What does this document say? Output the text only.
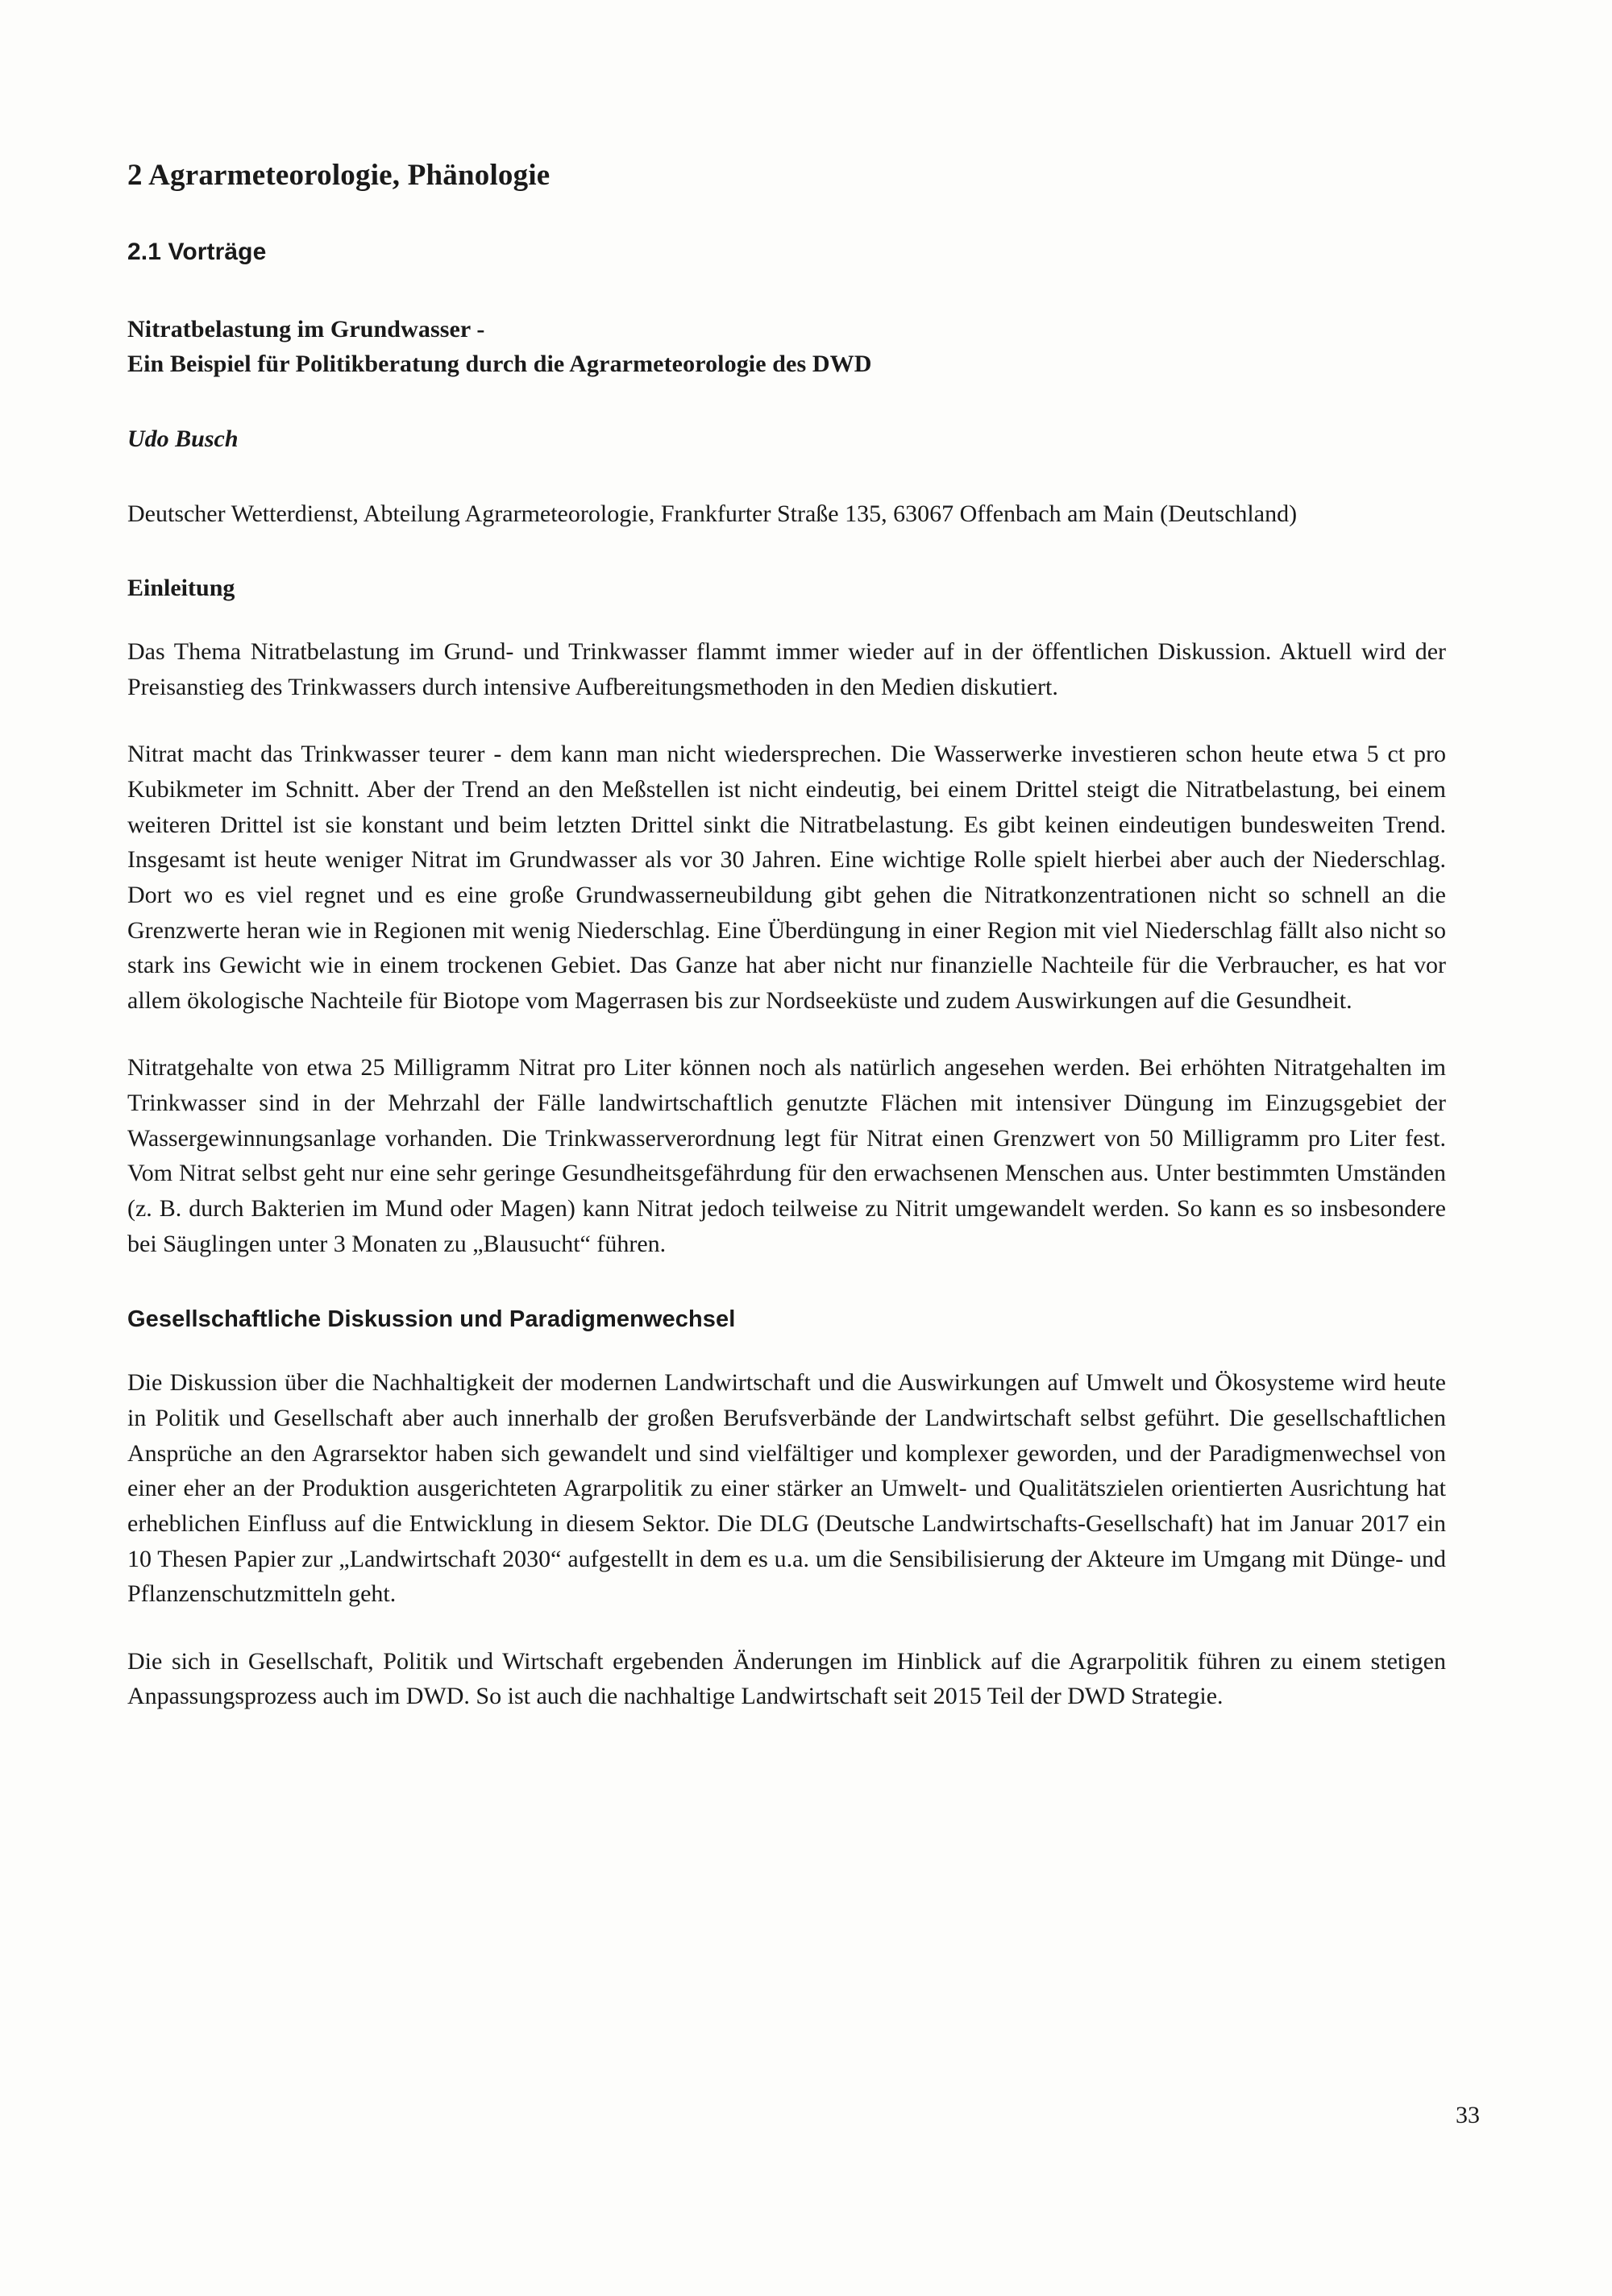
2 Agrarmeteorologie, Phänologie
2.1 Vorträge
Nitratbelastung im Grundwasser -
Ein Beispiel für Politikberatung durch die Agrarmeteorologie des DWD
Udo Busch

Deutscher Wetterdienst, Abteilung Agrarmeteorologie, Frankfurter Straße 135, 63067 Offenbach am Main (Deutschland)

Einleitung

Das Thema Nitratbelastung im Grund- und Trinkwasser flammt immer wieder auf in der öffentlichen Diskussion. Aktuell wird der Preisanstieg des Trinkwassers durch intensive Aufbereitungsmethoden in den Medien diskutiert.

Nitrat macht das Trinkwasser teurer - dem kann man nicht wiedersprechen. Die Wasserwerke investieren schon heute etwa 5 ct pro Kubikmeter im Schnitt. Aber der Trend an den Meßstellen ist nicht eindeutig, bei einem Drittel steigt die Nitratbelastung, bei einem weiteren Drittel ist sie konstant und beim letzten Drittel sinkt die Nitratbelastung. Es gibt keinen eindeutigen bundesweiten Trend. Insgesamt ist heute weniger Nitrat im Grundwasser als vor 30 Jahren. Eine wichtige Rolle spielt hierbei aber auch der Niederschlag. Dort wo es viel regnet und es eine große Grundwasserneubildung gibt gehen die Nitratkonzentrationen nicht so schnell an die Grenzwerte heran wie in Regionen mit wenig Niederschlag. Eine Überdüngung in einer Region mit viel Niederschlag fällt also nicht so stark ins Gewicht wie in einem trockenen Gebiet. Das Ganze hat aber nicht nur finanzielle Nachteile für die Verbraucher, es hat vor allem ökologische Nachteile für Biotope vom Magerrasen bis zur Nordseeküste und zudem Auswirkungen auf die Gesundheit.

Nitratgehalte von etwa 25 Milligramm Nitrat pro Liter können noch als natürlich angesehen werden. Bei erhöhten Nitratgehalten im Trinkwasser sind in der Mehrzahl der Fälle landwirtschaftlich genutzte Flächen mit intensiver Düngung im Einzugsgebiet der Wassergewinnungsanlage vorhanden. Die Trinkwasserverordnung legt für Nitrat einen Grenzwert von 50 Milligramm pro Liter fest. Vom Nitrat selbst geht nur eine sehr geringe Gesundheitsgefährdung für den erwachsenen Menschen aus. Unter bestimmten Umständen (z. B. durch Bakterien im Mund oder Magen) kann Nitrat jedoch teilweise zu Nitrit umgewandelt werden. So kann es so insbesondere bei Säuglingen unter 3 Monaten zu „Blausucht“ führen.

Gesellschaftliche Diskussion und Paradigmenwechsel

Die Diskussion über die Nachhaltigkeit der modernen Landwirtschaft und die Auswirkungen auf Umwelt und Ökosysteme wird heute in Politik und Gesellschaft aber auch innerhalb der großen Berufsverbände der Landwirtschaft selbst geführt. Die gesellschaftlichen Ansprüche an den Agrarsektor haben sich gewandelt und sind vielfältiger und komplexer geworden, und der Paradigmenwechsel von einer eher an der Produktion ausgerichteten Agrarpolitik zu einer stärker an Umwelt- und Qualitätszielen orientierten Ausrichtung hat erheblichen Einfluss auf die Entwicklung in diesem Sektor. Die DLG (Deutsche Landwirtschafts-Gesellschaft) hat im Januar 2017 ein 10 Thesen Papier zur „Landwirtschaft 2030“ aufgestellt in dem es u.a. um die Sensibilisierung der Akteure im Umgang mit Dünge- und Pflanzenschutzmitteln geht.

Die sich in Gesellschaft, Politik und Wirtschaft ergebenden Änderungen im Hinblick auf die Agrarpolitik führen zu einem stetigen Anpassungsprozess auch im DWD. So ist auch die nachhaltige Landwirtschaft seit 2015 Teil der DWD Strategie.

33
